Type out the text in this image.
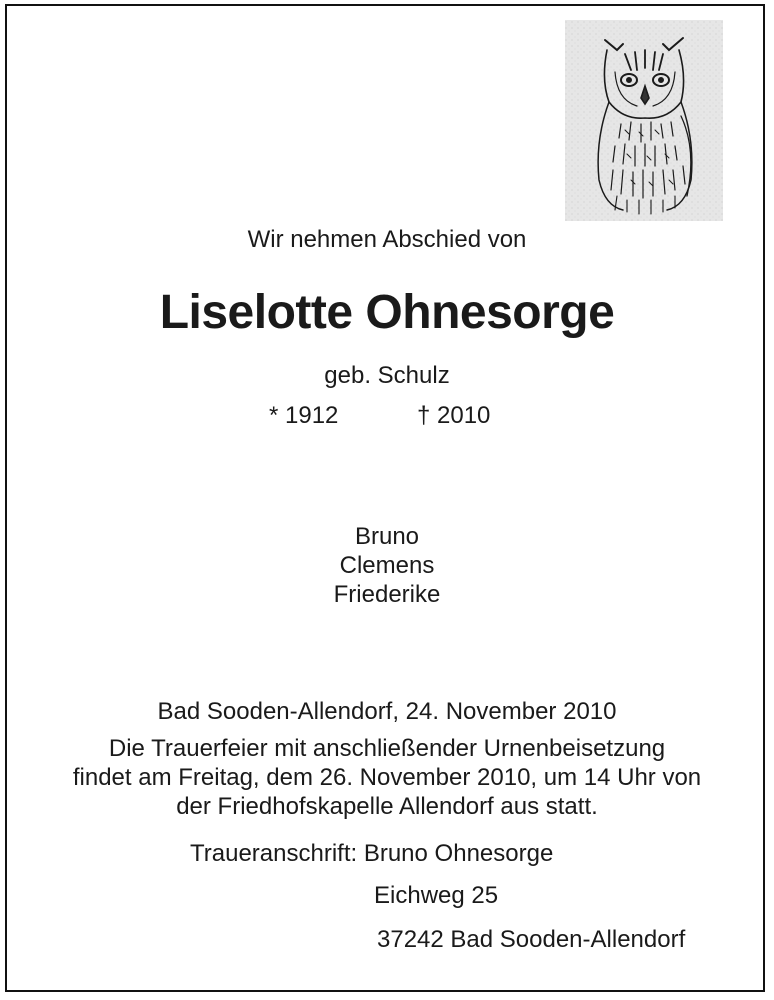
Wir nehmen Abschied von
Liselotte Ohnesorge
geb. Schulz
* 1912	† 2010
Bruno
Clemens
Friederike
Bad Sooden-Allendorf, 24. November 2010
Die Trauerfeier mit anschließender Urnenbeisetzung
findet am Freitag, dem 26. November 2010, um 14 Uhr von
der Friedhofskapelle Allendorf aus statt.
Traueranschrift: Bruno Ohnesorge
Eichweg 25
37242 Bad Sooden-Allendorf
